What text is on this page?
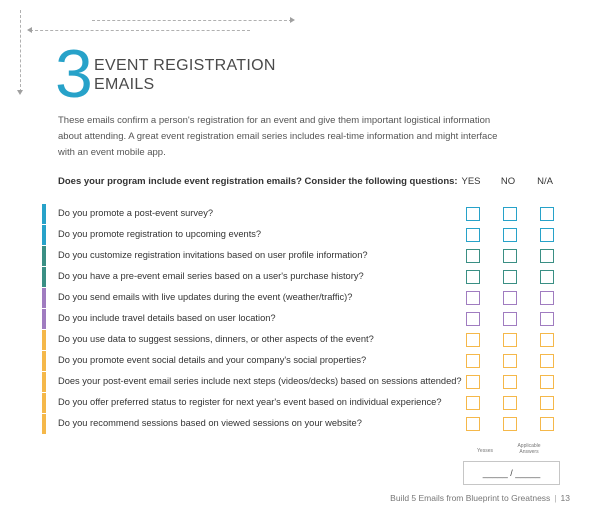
3 EVENT REGISTRATION
EMAILS
These emails confirm a person's registration for an event and give them important logistical information about attending. A great event registration email series includes real-time information and might interface with an event mobile app.
Does your program include event registration emails? Consider the following questions: YES	NO	N/A
Do you promote a post-event survey?
Do you promote registration to upcoming events?
Do you customize registration invitations based on user profile information?
Do you have a pre-event email series based on a user's purchase history?
Do you send emails with live updates during the event (weather/traffic)?
Do you include travel details based on user location?
Do you use data to suggest sessions, dinners, or other aspects of the event?
Do you promote event social details and your company's social properties?
Does your post-event email series include next steps (videos/decks) based on sessions attended?
Do you offer preferred status to register for next year's event based on individual experience?
Do you recommend sessions based on viewed sessions on your website?
Yesses
Applicable Answers
_____ / _____
Build 5 Emails from Blueprint to Greatness | 13
